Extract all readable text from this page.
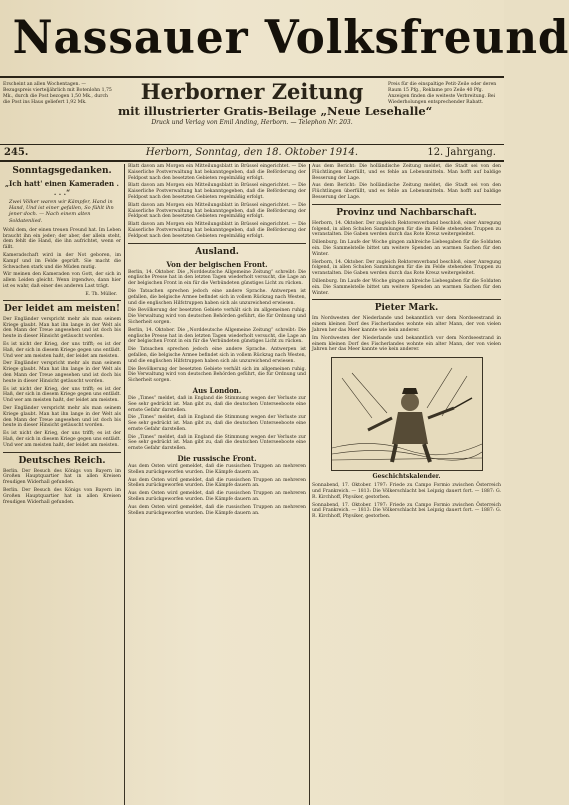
Nassauer Volksfreund
Erscheint an allen Wochentagen. — Bezugspreis vierteljährlich mit Botenlohn 1,75 Mk., durch die Post bezogen 1,50 Mk., durch die Post ins Haus geliefert 1,92 Mk.	Herborner Zeitung
mit illustrierter Gratis-Beilage „Neue Lesehalle“
Druck und Verlag von Emil Anding, Herborn. — Telephon Nr. 203.
Preis für die einspaltige Petit-Zeile oder deren Raum 15 Pfg., Reklame pro Zeile 40 Pfg. Anzeigen finden die weiteste Verbreitung. Bei Wiederholungen entsprechender Rabatt.
245.	Herborn, Sonntag, den 18. Oktober 1914.	12. Jahrgang.
Sonntagsgedanken.
„Ich hatt' einen Kameraden . . . .“

Zwei Völker waren wir Kämpfer, Hand in Hand, Und ist einer gefallen, So fühlt ihn jener doch. — Nach einem alten Soldatenlied.

Wohl dem, der einen treuen Freund hat. Im Leben braucht ihn ein jeder; der aber, der allein steht, dem fehlt die Hand, die ihn aufrichtet, wenn er fällt.

Kameradschaft wird in der Not geboren, im Kampf und im Felde geprüft. Sie macht die Schwachen stark und die Müden mutig.

Wir meinen den Kameraden von Gott, der sich in allem Leiden gleicht. Wenn irgendwo, dann hier ist es wahr, daß einer des anderen Last trägt.

E. Th. Müller.
Der leidet am meisten!

Der Engländer verspricht mehr als man seinem Kriege glaubt. Man hat ihn lange in der Welt als den Mann der Treue angesehen und ist doch bis heute in dieser Hinsicht getäuscht worden.

Es ist nicht der Krieg, der uns trifft; es ist der Haß, der sich in diesem Kriege gegen uns entlädt. Und wer am meisten haßt, der leidet am meisten.

Der Engländer verspricht mehr als man seinem Kriege glaubt. Man hat ihn lange in der Welt als den Mann der Treue angesehen und ist doch bis heute in dieser Hinsicht getäuscht worden.

Es ist nicht der Krieg, der uns trifft; es ist der Haß, der sich in diesem Kriege gegen uns entlädt. Und wer am meisten haßt, der leidet am meisten.

Der Engländer verspricht mehr als man seinem Kriege glaubt. Man hat ihn lange in der Welt als den Mann der Treue angesehen und ist doch bis heute in dieser Hinsicht getäuscht worden.

Es ist nicht der Krieg, der uns trifft; es ist der Haß, der sich in diesem Kriege gegen uns entlädt. Und wer am meisten haßt, der leidet am meisten.

Deutsches Reich.

Berlin. Der Besuch des Königs von Bayern im Großen Hauptquartier hat in allen Kreisen freudigen Widerhall gefunden.

Berlin. Der Besuch des Königs von Bayern im Großen Hauptquartier hat in allen Kreisen freudigen Widerhall gefunden.

Blatt davon am Morgen ein Mitteilungsblatt in Brüssel eingerichtet. — Die Kaiserliche Postverwaltung hat bekanntgegeben, daß die Beförderung der Feldpost nach den besetzten Gebieten regelmäßig erfolgt.

Blatt davon am Morgen ein Mitteilungsblatt in Brüssel eingerichtet. — Die Kaiserliche Postverwaltung hat bekanntgegeben, daß die Beförderung der Feldpost nach den besetzten Gebieten regelmäßig erfolgt.

Blatt davon am Morgen ein Mitteilungsblatt in Brüssel eingerichtet. — Die Kaiserliche Postverwaltung hat bekanntgegeben, daß die Beförderung der Feldpost nach den besetzten Gebieten regelmäßig erfolgt.

Blatt davon am Morgen ein Mitteilungsblatt in Brüssel eingerichtet. — Die Kaiserliche Postverwaltung hat bekanntgegeben, daß die Beförderung der Feldpost nach den besetzten Gebieten regelmäßig erfolgt.

Ausland.
Von der belgischen Front.

Berlin, 14. Oktober. Die „Norddeutsche Allgemeine Zeitung“ schreibt: Die englische Presse hat in den letzten Tagen wiederholt versucht, die Lage an der belgischen Front in ein für die Verbündeten günstiges Licht zu rücken.

Die Tatsachen sprechen jedoch eine andere Sprache. Antwerpen ist gefallen, die belgische Armee befindet sich in vollem Rückzug nach Westen, und die englischen Hilfstruppen haben sich als unzureichend erwiesen.

Die Bevölkerung der besetzten Gebiete verhält sich im allgemeinen ruhig. Die Verwaltung wird von deutschen Behörden geführt, die für Ordnung und Sicherheit sorgen.

Berlin, 14. Oktober. Die „Norddeutsche Allgemeine Zeitung“ schreibt: Die englische Presse hat in den letzten Tagen wiederholt versucht, die Lage an der belgischen Front in ein für die Verbündeten günstiges Licht zu rücken.

Die Tatsachen sprechen jedoch eine andere Sprache. Antwerpen ist gefallen, die belgische Armee befindet sich in vollem Rückzug nach Westen, und die englischen Hilfstruppen haben sich als unzureichend erwiesen.

Die Bevölkerung der besetzten Gebiete verhält sich im allgemeinen ruhig. Die Verwaltung wird von deutschen Behörden geführt, die für Ordnung und Sicherheit sorgen.

Aus London.

Die „Times“ meldet, daß in England die Stimmung wegen der Verluste zur See sehr gedrückt ist. Man gibt zu, daß die deutschen Unterseeboote eine ernste Gefahr darstellen.

Die „Times“ meldet, daß in England die Stimmung wegen der Verluste zur See sehr gedrückt ist. Man gibt zu, daß die deutschen Unterseeboote eine ernste Gefahr darstellen.

Die „Times“ meldet, daß in England die Stimmung wegen der Verluste zur See sehr gedrückt ist. Man gibt zu, daß die deutschen Unterseeboote eine ernste Gefahr darstellen.

Die russische Front.

Aus dem Osten wird gemeldet, daß die russischen Truppen an mehreren Stellen zurückgeworfen wurden. Die Kämpfe dauern an.

Aus dem Osten wird gemeldet, daß die russischen Truppen an mehreren Stellen zurückgeworfen wurden. Die Kämpfe dauern an.

Aus dem Osten wird gemeldet, daß die russischen Truppen an mehreren Stellen zurückgeworfen wurden. Die Kämpfe dauern an.

Aus dem Osten wird gemeldet, daß die russischen Truppen an mehreren Stellen zurückgeworfen wurden. Die Kämpfe dauern an.

Aus dem Bericht: Die holländische Zeitung meldet, die Stadt sei von den Flüchtlingen überfüllt, und es fehle an Lebensmitteln. Man hofft auf baldige Besserung der Lage.

Aus dem Bericht: Die holländische Zeitung meldet, die Stadt sei von den Flüchtlingen überfüllt, und es fehle an Lebensmitteln. Man hofft auf baldige Besserung der Lage.

Provinz und Nachbarschaft.

Herborn, 14. Oktober. Der zugleich Rektorenverband beschloß, einer Anregung folgend, in allen Schulen Sammlungen für die im Felde stehenden Truppen zu veranstalten. Die Gaben werden durch das Rote Kreuz weitergeleitet.

Dillenburg. Im Laufe der Woche gingen zahlreiche Liebesgaben für die Soldaten ein. Die Sammelstelle bittet um weitere Spenden an warmen Sachen für den Winter.

Herborn, 14. Oktober. Der zugleich Rektorenverband beschloß, einer Anregung folgend, in allen Schulen Sammlungen für die im Felde stehenden Truppen zu veranstalten. Die Gaben werden durch das Rote Kreuz weitergeleitet.

Dillenburg. Im Laufe der Woche gingen zahlreiche Liebesgaben für die Soldaten ein. Die Sammelstelle bittet um weitere Spenden an warmen Sachen für den Winter.

Pieter Mark.

Im Nordwesten der Niederlande und bekanntlich vor dem Nordseestrand in einem kleinen Dorf des Fischerlandes wohnte ein alter Mann, der von vielen Jahren her das Meer kannte wie kein anderer.

Im Nordwesten der Niederlande und bekanntlich vor dem Nordseestrand in einem kleinen Dorf des Fischerlandes wohnte ein alter Mann, der von vielen Jahren her das Meer kannte wie kein anderer.

Geschichtskalender.

Sonnabend, 17. Oktober. 1797: Friede zu Campo Formio zwischen Österreich und Frankreich. — 1813: Die Völkerschlacht bei Leipzig dauert fort. — 1887: G. R. Kirchhoff, Physiker, gestorben.

Sonnabend, 17. Oktober. 1797: Friede zu Campo Formio zwischen Österreich und Frankreich. — 1813: Die Völkerschlacht bei Leipzig dauert fort. — 1887: G. R. Kirchhoff, Physiker, gestorben.
